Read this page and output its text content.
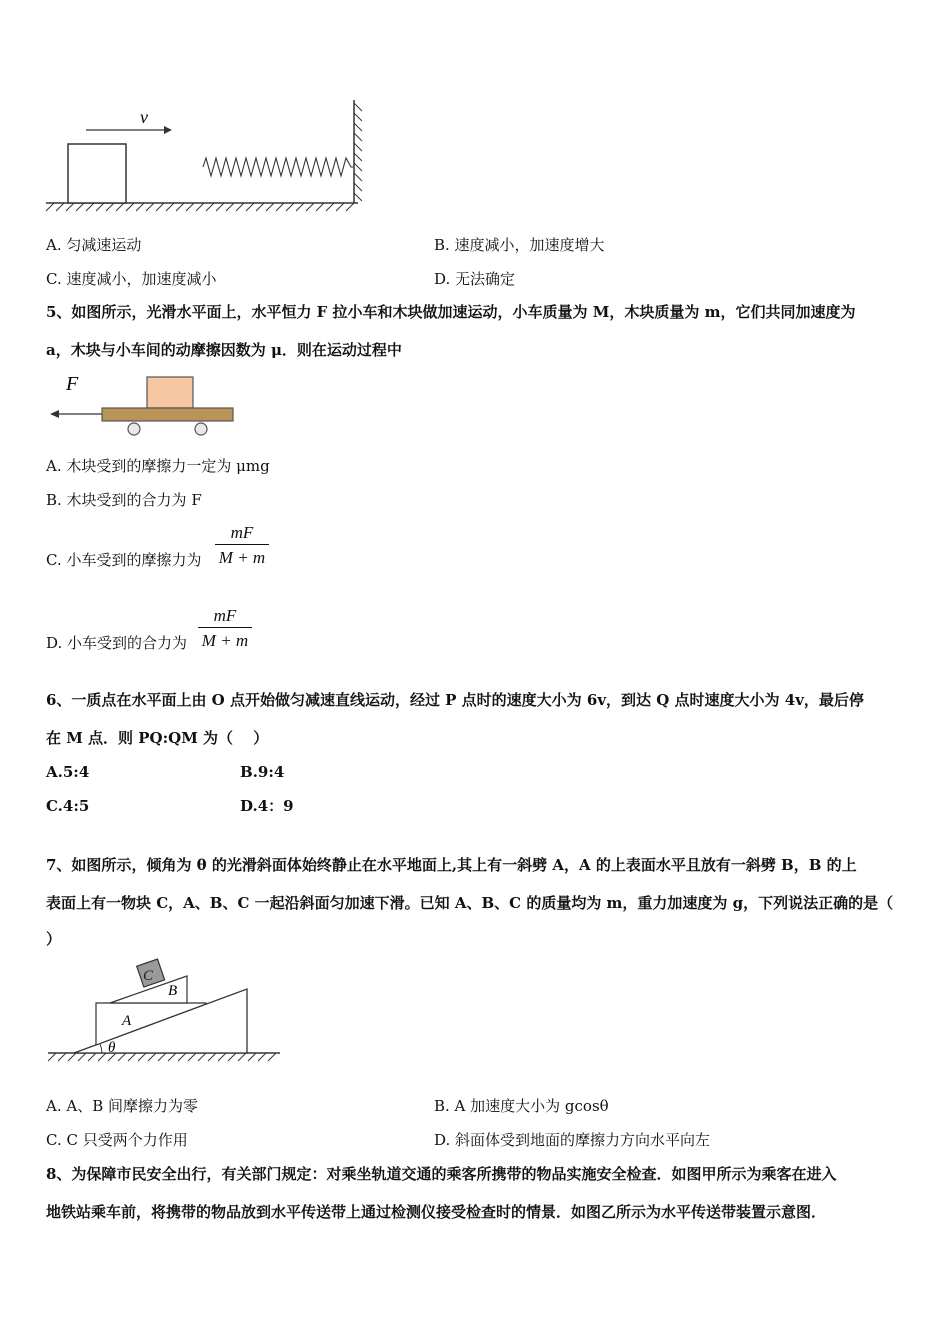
v
A. 匀减速运动	B. 速度减小，加速度增大
C. 速度减小，加速度减小	D. 无法确定
5、如图所示，光滑水平面上，水平恒力 F 拉小车和木块做加速运动，小车质量为 M，木块质量为 m，它们共同加速度为
a，木块与小车间的动摩擦因数为 μ．则在运动过程中
F
A. 木块受到的摩擦力一定为 μmg
B. 木块受到的合力为 F
C. 小车受到的摩擦力为 $\frac{mF}{M + m}$
D. 小车受到的合力为 $\frac{mF}{M + m}$
6、一质点在水平面上由 O 点开始做匀减速直线运动，经过 P 点时的速度大小为 6v，到达 Q 点时速度大小为 4v，最后停
在 M 点．则 PQ:QM 为（　 ）
A.5:4	B.9:4
C.4:5	D.4：9
7、如图所示，倾角为 θ 的光滑斜面体始终静止在水平地面上,其上有一斜劈 A，A 的上表面水平且放有一斜劈 B，B 的上
表面上有一物块 C，A、B、C 一起沿斜面匀加速下滑。已知 A、B、C 的质量均为 m，重力加速度为 g，下列说法正确的是（
）
C
B
A
θ
A. A、B 间摩擦力为零	B. A 加速度大小为 gcosθ
C. C 只受两个力作用	D. 斜面体受到地面的摩擦力方向水平向左
8、为保障市民安全出行，有关部门规定：对乘坐轨道交通的乘客所携带的物品实施安全检查．如图甲所示为乘客在进入
地铁站乘车前，将携带的物品放到水平传送带上通过检测仪接受检查时的情景．如图乙所示为水平传送带装置示意图．
